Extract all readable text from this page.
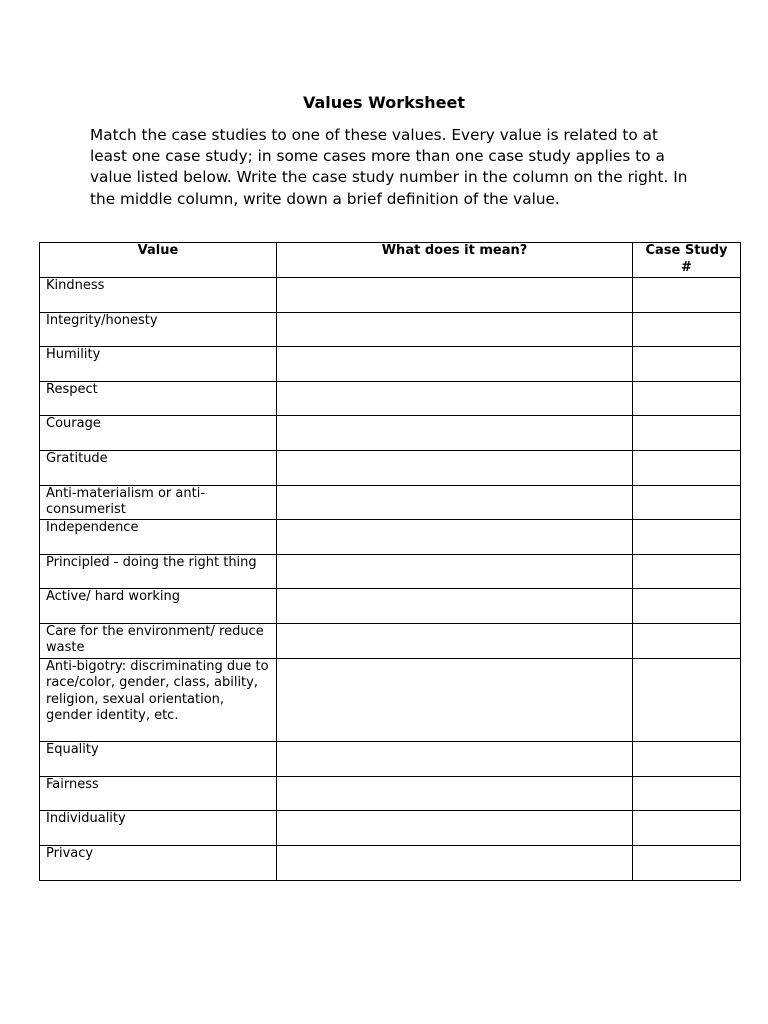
Values Worksheet

Match the case studies to one of these values. Every value is related to at least one case study; in some cases more than one case study applies to a value listed below. Write the case study number in the column on the right. In the middle column, write down a brief definition of the value.

Value	What does it mean?	Case Study #
Kindness		
Integrity/honesty		
Humility		
Respect		
Courage		
Gratitude		
Anti-materialism or anti-consumerist		
Independence		
Principled - doing the right thing		
Active/ hard working		
Care for the environment/ reduce waste		
Anti-bigotry: discriminating due to race/color, gender, class, ability, religion, sexual orientation, gender identity, etc.		
Equality		
Fairness		
Individuality		
Privacy		
